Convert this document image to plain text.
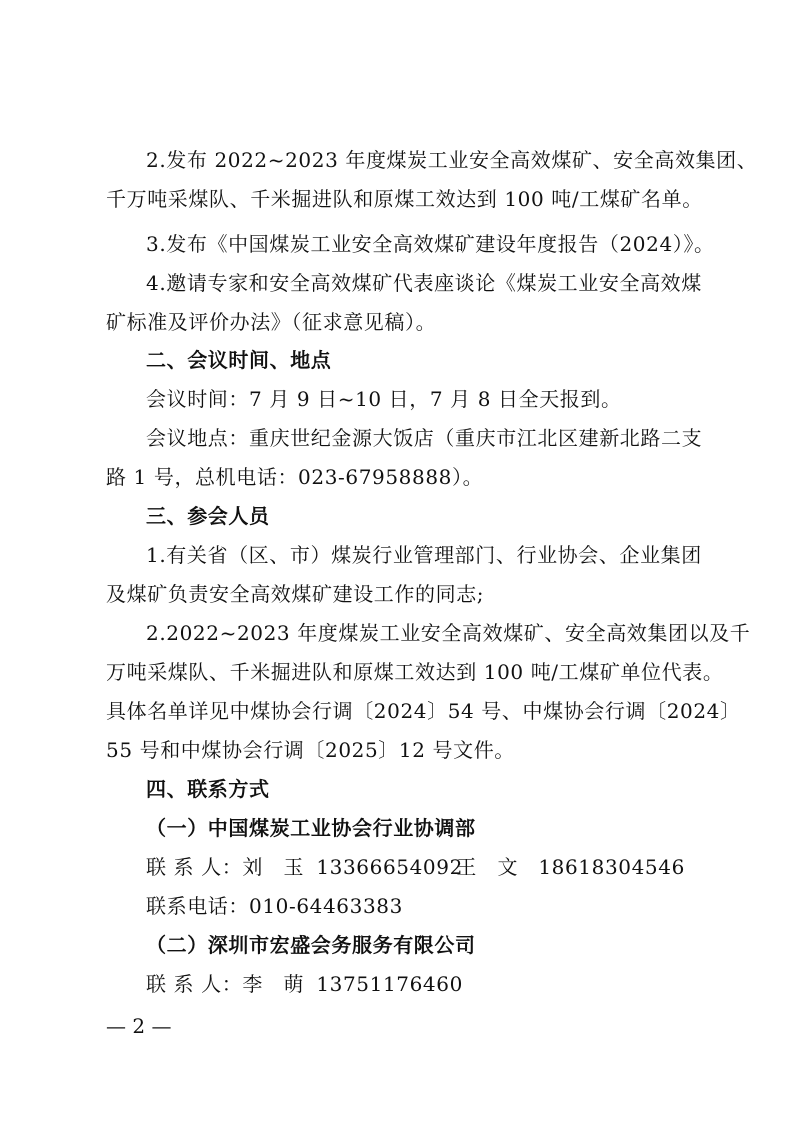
2.发布 2022~2023 年度煤炭工业安全高效煤矿、安全高效集团、
千万吨采煤队、千米掘进队和原煤工效达到 100 吨/工煤矿名单。
3.发布《中国煤炭工业安全高效煤矿建设年度报告（2024）》。
4.邀请专家和安全高效煤矿代表座谈论《煤炭工业安全高效煤
矿标准及评价办法》（征求意见稿）。
二、会议时间、地点
会议时间：7 月 9 日~10 日，7 月 8 日全天报到。
会议地点：重庆世纪金源大饭店（重庆市江北区建新北路二支
路 1 号，总机电话：023-67958888）。
三、参会人员
1.有关省（区、市）煤炭行业管理部门、行业协会、企业集团
及煤矿负责安全高效煤矿建设工作的同志;
2.2022~2023 年度煤炭工业安全高效煤矿、安全高效集团以及千
万吨采煤队、千米掘进队和原煤工效达到 100 吨/工煤矿单位代表。
具体名单详见中煤协会行调〔2024〕54 号、中煤协会行调〔2024〕
55 号和中煤协会行调〔2025〕12 号文件。
四、联系方式
（一）中国煤炭工业协会行业协调部
联 系 人：刘　玉 13366654092王　文 18618304546
联系电话：010-64463383
（二）深圳市宏盛会务服务有限公司
联 系 人：李　萌 13751176460
— 2 —
